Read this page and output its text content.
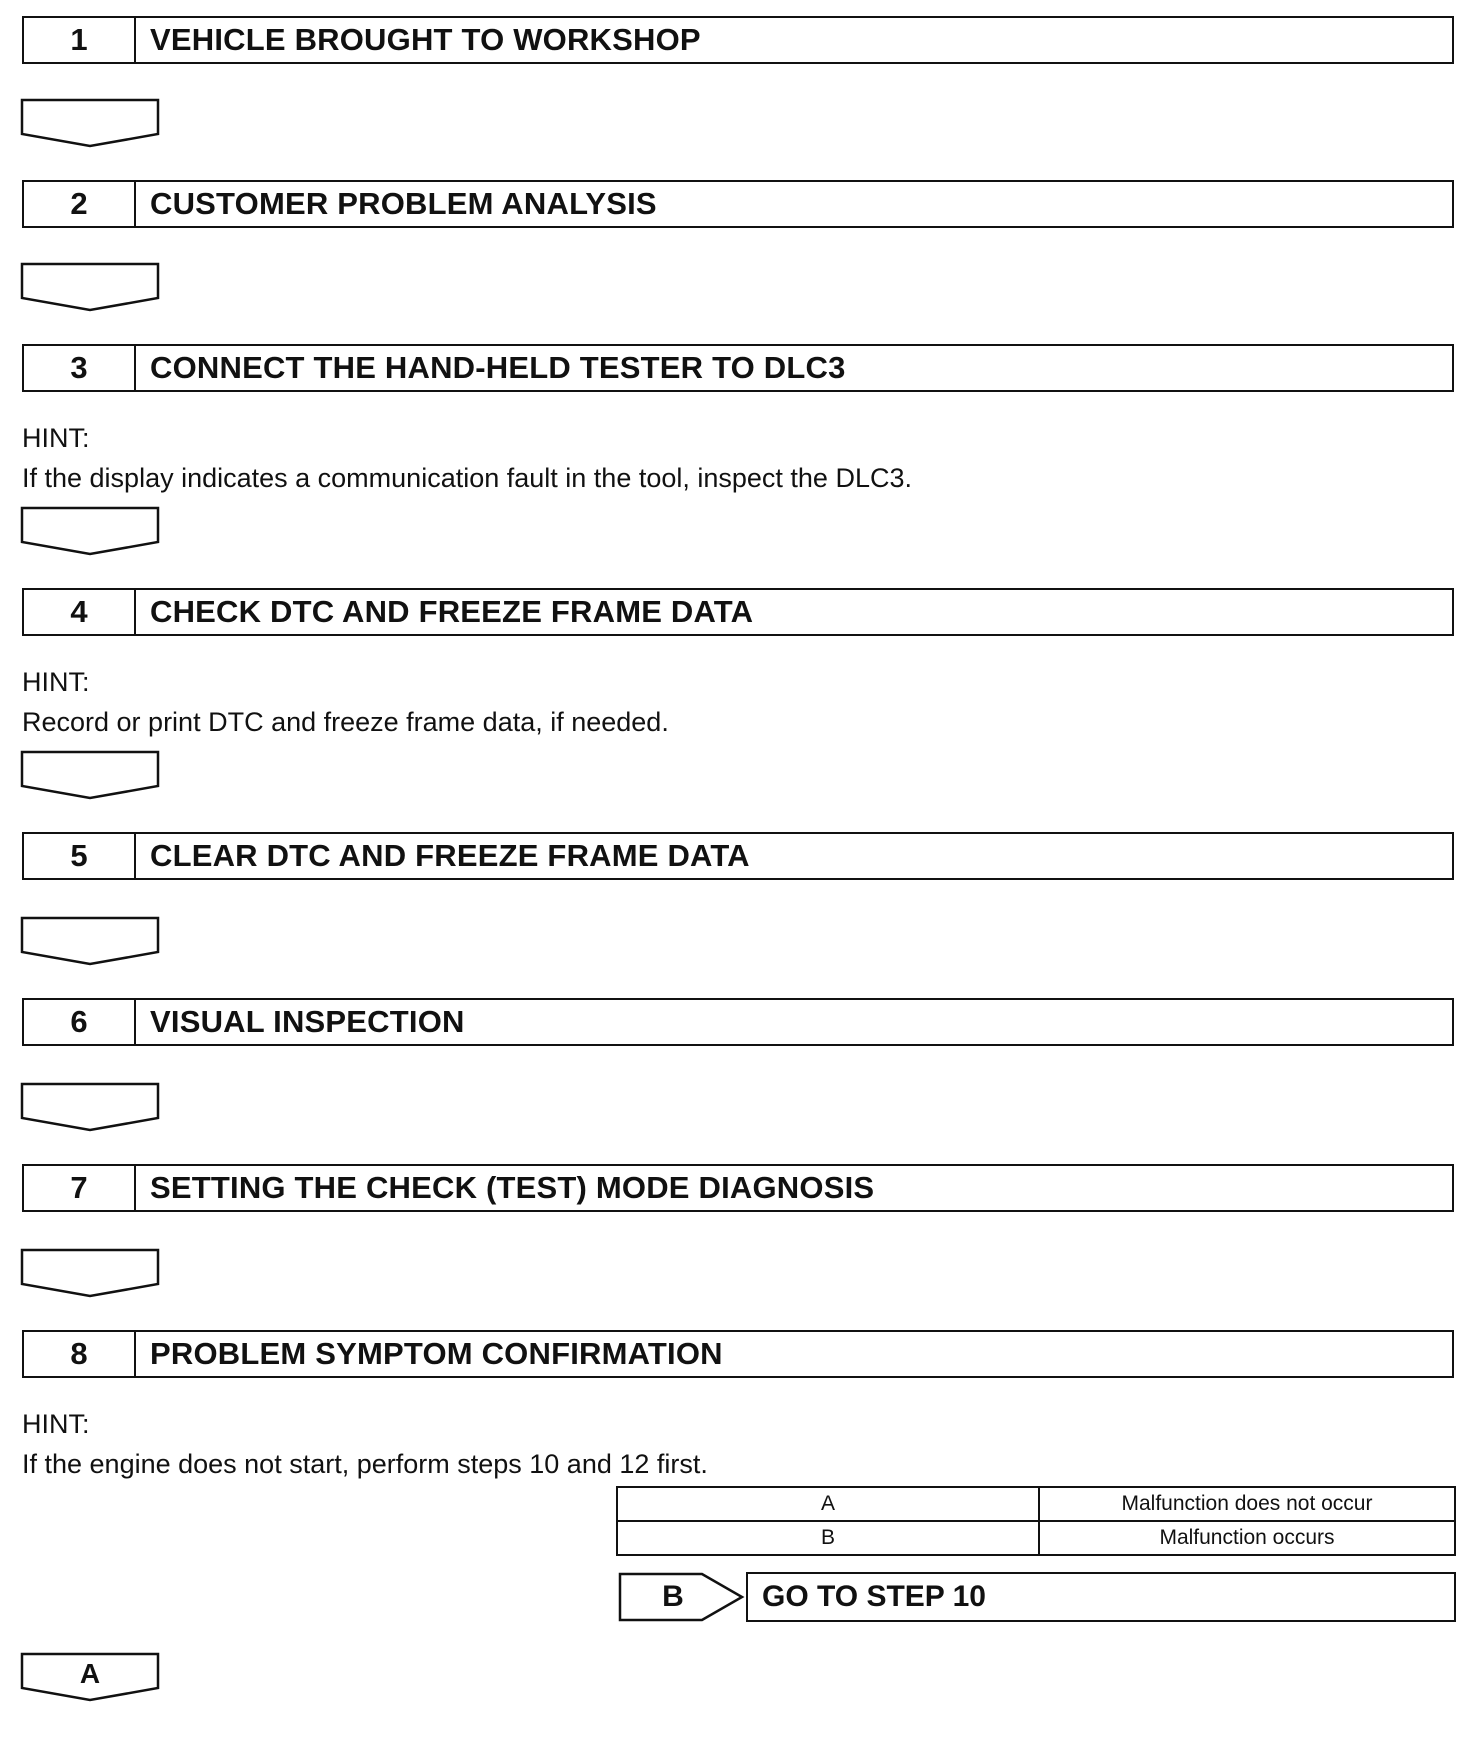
1	VEHICLE BROUGHT TO WORKSHOP
2	CUSTOMER PROBLEM ANALYSIS
3	CONNECT THE HAND-HELD TESTER TO DLC3
HINT:
If the display indicates a communication fault in the tool, inspect the DLC3.
4	CHECK DTC AND FREEZE FRAME DATA
HINT:
Record or print DTC and freeze frame data, if needed.
5	CLEAR DTC AND FREEZE FRAME DATA
6	VISUAL INSPECTION
7	SETTING THE CHECK (TEST) MODE DIAGNOSIS
8	PROBLEM SYMPTOM CONFIRMATION
HINT:
If the engine does not start, perform steps 10 and 12 first.
A	Malfunction does not occur
B	Malfunction occurs
B	GO TO STEP 10
A
